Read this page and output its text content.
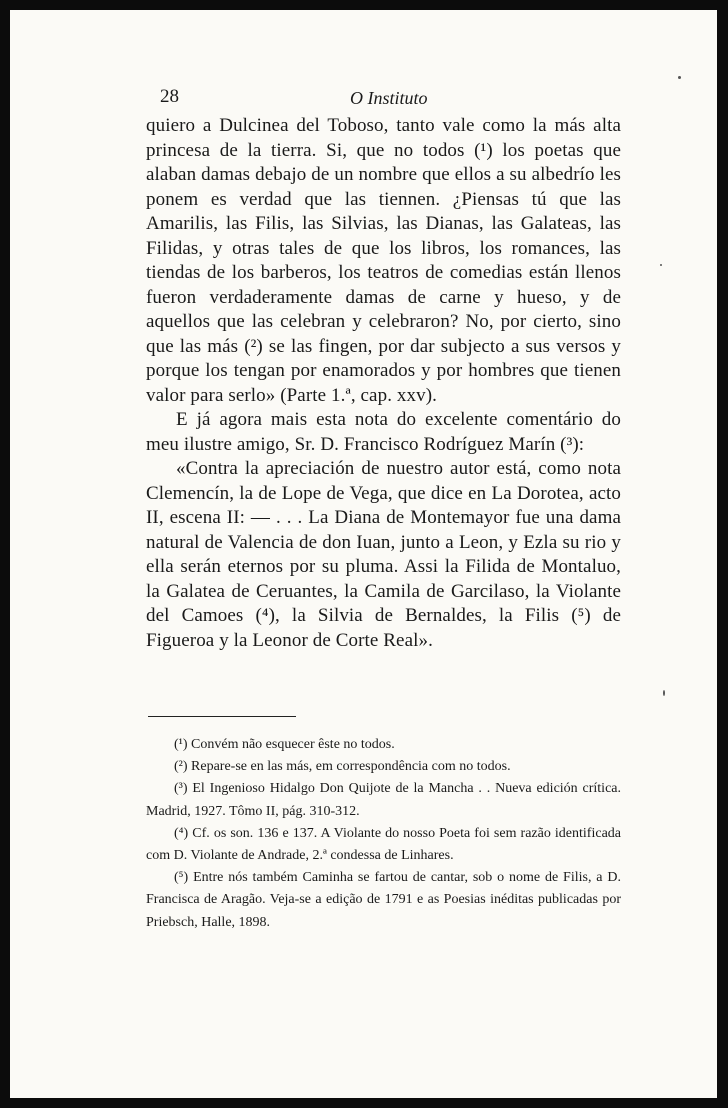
28	O Instituto

quiero a Dulcinea del Toboso, tanto vale como la más alta princesa de la tierra. Si, que no todos (¹) los poetas que alaban damas debajo de un nombre que ellos a su albedrío les ponem es verdad que las tiennen. ¿Piensas tú que las Amarilis, las Filis, las Silvias, las Dianas, las Galateas, las Filidas, y otras tales de que los libros, los romances, las tiendas de los barberos, los teatros de comedias están llenos fueron verdaderamente damas de carne y hueso, y de aquellos que las celebran y celebraron? No, por cierto, sino que las más (²) se las fingen, por dar subjecto a sus versos y porque los tengan por enamorados y por hombres que tienen valor para serlo» (Parte 1.ª, cap. xxv).

E já agora mais esta nota do excelente comentário do meu ilustre amigo, Sr. D. Francisco Rodríguez Marín (³):

«Contra la apreciación de nuestro autor está, como nota Clemencín, la de Lope de Vega, que dice en La Dorotea, acto II, escena II: — . . . La Diana de Montemayor fue una dama natural de Valencia de don Iuan, junto a Leon, y Ezla su rio y ella serán eternos por su pluma. Assi la Filida de Montaluo, la Galatea de Ceruantes, la Camila de Garcilaso, la Violante del Camoes (⁴), la Silvia de Bernaldes, la Filis (⁵) de Figueroa y la Leonor de Corte Real».

(¹) Convém não esquecer êste no todos.

(²) Repare-se en las más, em correspondência com no todos.

(³) El Ingenioso Hidalgo Don Quijote de la Mancha . . Nueva edición crítica. Madrid, 1927. Tômo II, pág. 310-312.

(⁴) Cf. os son. 136 e 137. A Violante do nosso Poeta foi sem razão identificada com D. Violante de Andrade, 2.ª condessa de Linhares.

(⁵) Entre nós também Caminha se fartou de cantar, sob o nome de Filis, a D. Francisca de Aragão. Veja-se a edição de 1791 e as Poesias inéditas publicadas por Priebsch, Halle, 1898.
